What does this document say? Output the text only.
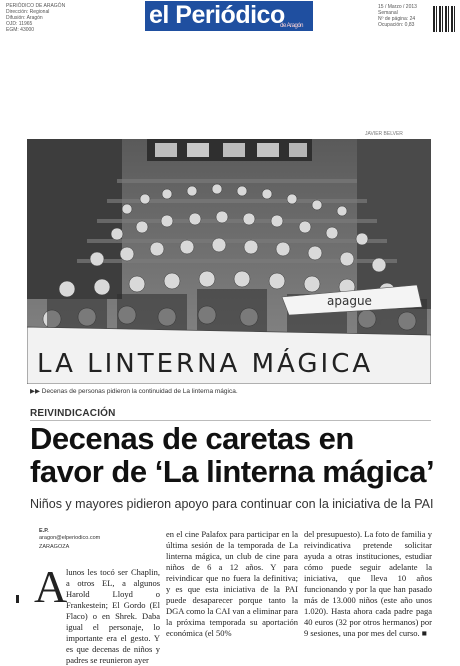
PERIÓDICO DE ARAGÓN
Dirección: Regional
Difusión: Aragón
OJD: 11965
EGM: 43000
el Periódico
de Aragón
15 / Marzo / 2013
Semanal
Nº de página: 24
Ocupación: 0,83
JAVIER BELVER
apague
LA LINTERNA MÁGICA
▶▶ Decenas de personas pidieron la continuidad de La linterna mágica.
REIVINDICACIÓN
Decenas de caretas en
favor de ‘La linterna mágica’
Niños y mayores pidieron apoyo para continuar con la iniciativa de la PAI
E.P.
aragon@elperiodico.com
ZARAGOZA
A
lunos les tocó ser Chaplin, a otros EL, a algunos Harold Lloyd o Frankestein; El Gordo (El Flaco) o en Shrek. Daba igual el personaje, lo importante era el gesto. Y es que decenas de niños y padres se reunieron ayer
en el cine Palafox para participar en la última sesión de la temporada de La linterna mágica, un club de cine para niños de 6 a 12 años. Y para reivindicar que no fuera la definitiva; y es que esta iniciativa de la PAI puede desaparecer porque tanto la DGA como la CAI van a eliminar para la próxima temporada su aportación económica (el 50%
del presupuesto). La foto de familia y reivindicativa pretende solicitar ayuda a otras instituciones, estudiar cómo puede seguir adelante la iniciativa, que lleva 10 años funcionando y por la que han pasado más de 13.000 niños (este año unos 1.020). Hasta ahora cada padre paga 40 euros (32 por otros hermanos) por 9 sesiones, una por mes del curso. ■
